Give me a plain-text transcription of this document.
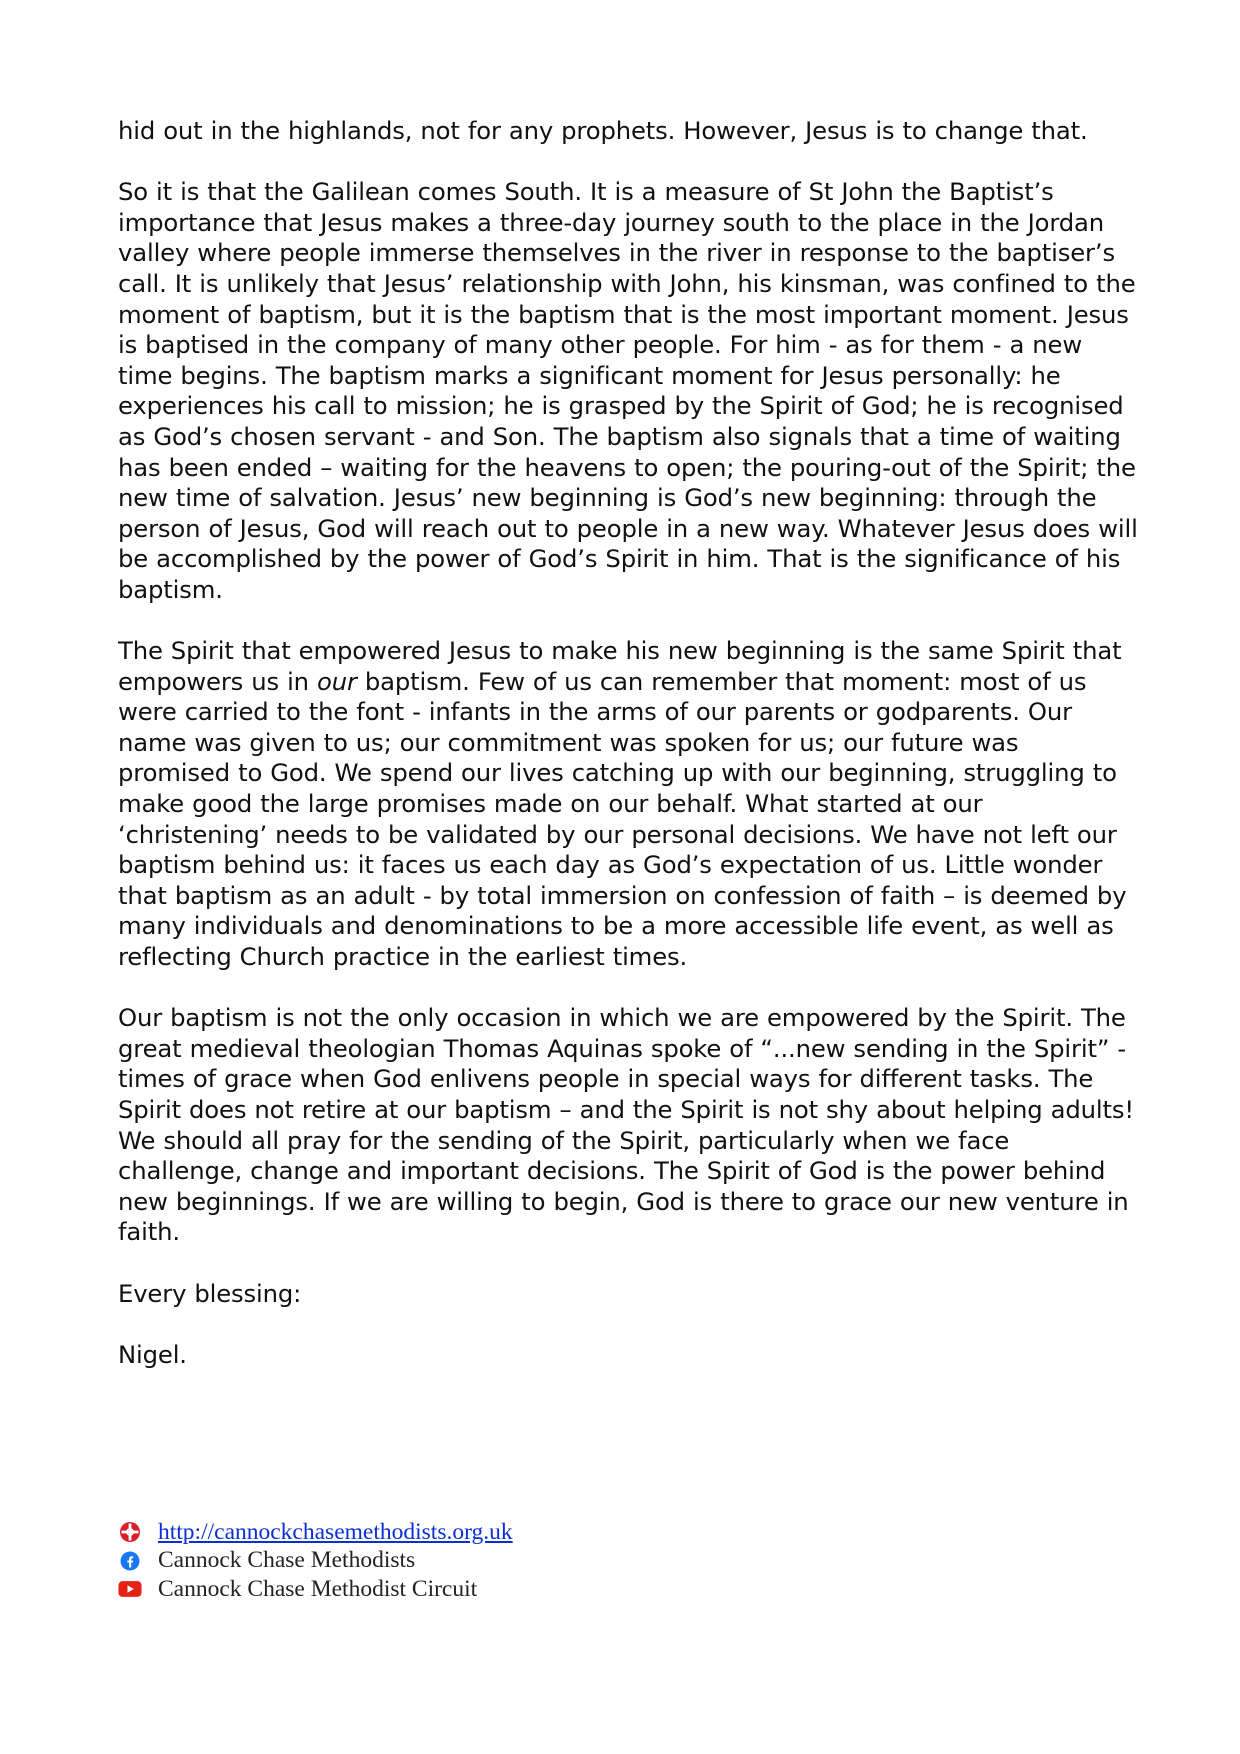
hid out in the highlands, not for any prophets. However, Jesus is to change that.

So it is that the Galilean comes South. It is a measure of St John the Baptist’s importance that Jesus makes a three-day journey south to the place in the Jordan valley where people immerse themselves in the river in response to the baptiser’s call. It is unlikely that Jesus’ relationship with John, his kinsman, was confined to the moment of baptism, but it is the baptism that is the most important moment. Jesus is baptised in the company of many other people. For him - as for them - a new time begins. The baptism marks a significant moment for Jesus personally: he experiences his call to mission; he is grasped by the Spirit of God; he is recognised as God’s chosen servant - and Son. The baptism also signals that a time of waiting has been ended – waiting for the heavens to open; the pouring-out of the Spirit; the new time of salvation. Jesus’ new beginning is God’s new beginning: through the person of Jesus, God will reach out to people in a new way. Whatever Jesus does will be accomplished by the power of God’s Spirit in him. That is the significance of his baptism.

The Spirit that empowered Jesus to make his new beginning is the same Spirit that empowers us in our baptism. Few of us can remember that moment: most of us were carried to the font - infants in the arms of our parents or godparents. Our name was given to us; our commitment was spoken for us; our future was promised to God. We spend our lives catching up with our beginning, struggling to make good the large promises made on our behalf. What started at our ‘christening’ needs to be validated by our personal decisions. We have not left our baptism behind us: it faces us each day as God’s expectation of us. Little wonder that baptism as an adult - by total immersion on confession of faith – is deemed by many individuals and denominations to be a more accessible life event, as well as reflecting Church practice in the earliest times.

Our baptism is not the only occasion in which we are empowered by the Spirit. The great medieval theologian Thomas Aquinas spoke of “...new sending in the Spirit” - times of grace when God enlivens people in special ways for different tasks. The Spirit does not retire at our baptism – and the Spirit is not shy about helping adults! We should all pray for the sending of the Spirit, particularly when we face challenge, change and important decisions. The Spirit of God is the power behind new beginnings. If we are willing to begin, God is there to grace our new venture in faith.

Every blessing:

Nigel.

http://cannockchasemethodists.org.uk
Cannock Chase Methodists
Cannock Chase Methodist Circuit
